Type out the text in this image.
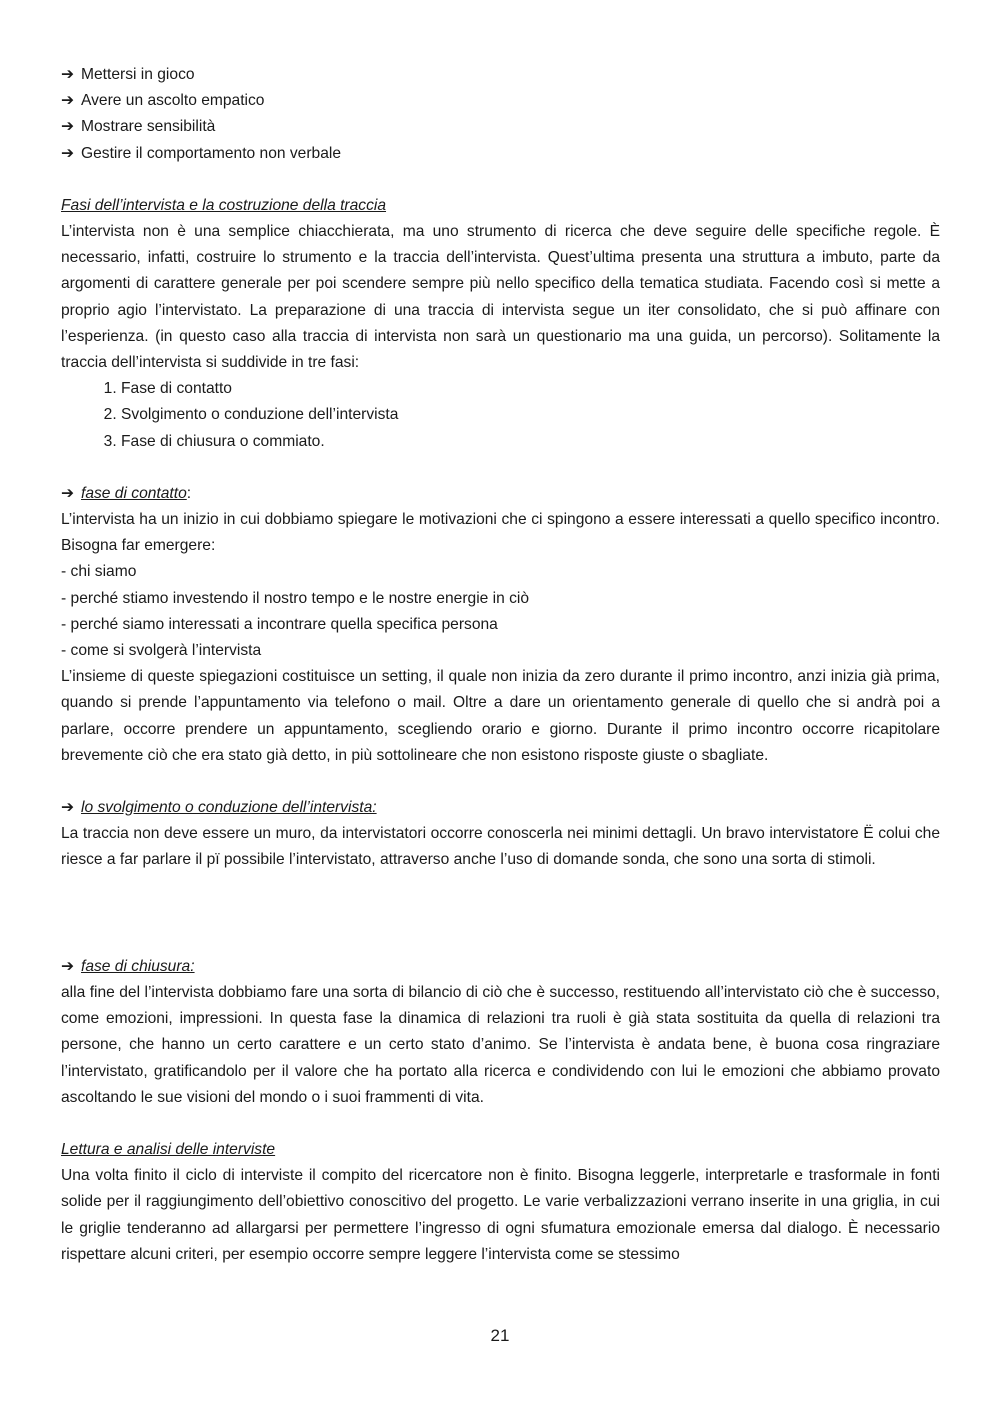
➔ Mettersi in gioco
➔ Avere un ascolto empatico
➔ Mostrare sensibilità
➔ Gestire il comportamento non verbale
Fasi dell’intervista e la costruzione della traccia

L’intervista non è una semplice chiacchierata, ma uno strumento di ricerca che deve seguire delle specifiche regole. È necessario, infatti, costruire lo strumento e la traccia dell’intervista. Quest’ultima presenta una struttura a imbuto, parte da argomenti di carattere generale per poi scendere sempre più nello specifico della tematica studiata. Facendo così si mette a proprio agio l’intervistato. La preparazione di una traccia di intervista segue un iter consolidato, che si può affinare con l’esperienza. (in questo caso alla traccia di intervista non sarà un questionario ma una guida, un percorso). Solitamente la traccia dell’intervista si suddivide in tre fasi:

1. Fase di contatto
2. Svolgimento o conduzione dell’intervista
3. Fase di chiusura o commiato.
➔ fase di contatto:

L’intervista ha un inizio in cui dobbiamo spiegare le motivazioni che ci spingono a essere interessati a quello specifico incontro. Bisogna far emergere:

- chi siamo
- perché stiamo investendo il nostro tempo e le nostre energie in ciò
- perché siamo interessati a incontrare quella specifica persona
- come si svolgerà l’intervista

L’insieme di queste spiegazioni costituisce un setting, il quale non inizia da zero durante il primo incontro, anzi inizia già prima, quando si prende l’appuntamento via telefono o mail. Oltre a dare un orientamento generale di quello che si andrà poi a parlare, occorre prendere un appuntamento, scegliendo orario e giorno. Durante il primo incontro occorre ricapitolare brevemente ciò che era stato già detto, in più sottolineare che non esistono risposte giuste o sbagliate.

➔ lo svolgimento o conduzione dell’intervista:

La traccia non deve essere un muro, da intervistatori occorre conoscerla nei minimi dettagli. Un bravo intervistatore Ë colui che riesce a far parlare il pï possibile l’intervistato, attraverso anche l’uso di domande sonda, che sono una sorta di stimoli.

➔ fase di chiusura:

alla fine del l’intervista dobbiamo fare una sorta di bilancio di ciò che è successo, restituendo all’intervistato ciò che è successo, come emozioni, impressioni. In questa fase la dinamica di relazioni tra ruoli è già stata sostituita da quella di relazioni tra persone, che hanno un certo carattere e un certo stato d’animo. Se l’intervista è andata bene, è buona cosa ringraziare l’intervistato, gratificandolo per il valore che ha portato alla ricerca e condividendo con lui le emozioni che abbiamo provato ascoltando le sue visioni del mondo o i suoi frammenti di vita.

Lettura e analisi delle interviste

Una volta finito il ciclo di interviste il compito del ricercatore non è finito. Bisogna leggerle, interpretarle e trasformale in fonti solide per il raggiungimento dell’obiettivo conoscitivo del progetto. Le varie verbalizzazioni verrano inserite in una griglia, in cui le griglie tenderanno ad allargarsi per permettere l’ingresso di ogni sfumatura emozionale emersa dal dialogo. È necessario rispettare alcuni criteri, per esempio occorre sempre leggere l’intervista come se stessimo

21
